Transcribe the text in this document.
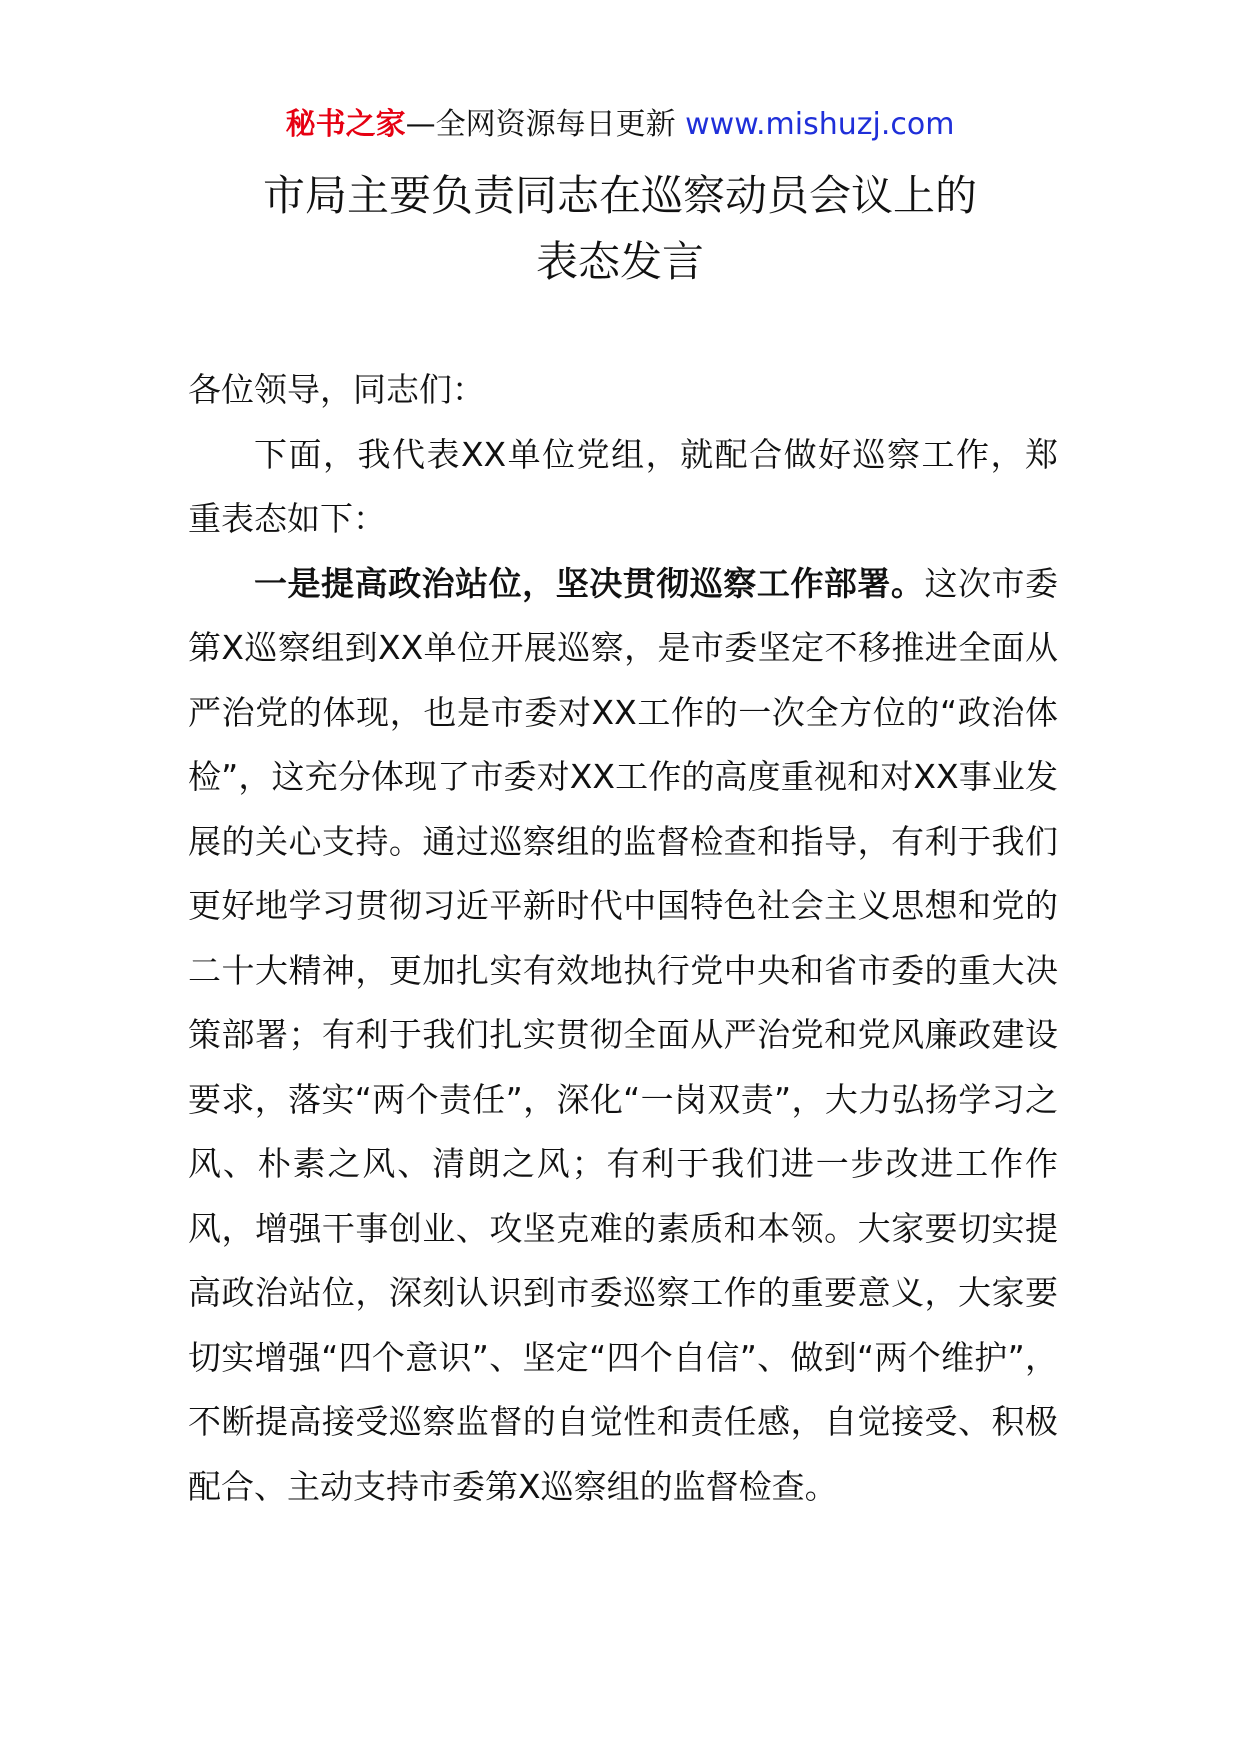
秘书之家—全网资源每日更新 www.mishuzj.com
市局主要负责同志在巡察动员会议上的
表态发言

各位领导，同志们：

下面，我代表XX单位党组，就配合做好巡察工作，郑重表态如下：

一是提高政治站位，坚决贯彻巡察工作部署。这次市委第X巡察组到XX单位开展巡察，是市委坚定不移推进全面从严治党的体现，也是市委对XX工作的一次全方位的“政治体检”，这充分体现了市委对XX工作的高度重视和对XX事业发展的关心支持。通过巡察组的监督检查和指导，有利于我们更好地学习贯彻习近平新时代中国特色社会主义思想和党的二十大精神，更加扎实有效地执行党中央和省市委的重大决策部署；有利于我们扎实贯彻全面从严治党和党风廉政建设要求，落实“两个责任”，深化“一岗双责”，大力弘扬学习之风、朴素之风、清朗之风；有利于我们进一步改进工作作风，增强干事创业、攻坚克难的素质和本领。大家要切实提高政治站位，深刻认识到市委巡察工作的重要意义，大家要切实增强“四个意识”、坚定“四个自信”、做到“两个维护”，不断提高接受巡察监督的自觉性和责任感，自觉接受、积极配合、主动支持市委第X巡察组的监督检查。
